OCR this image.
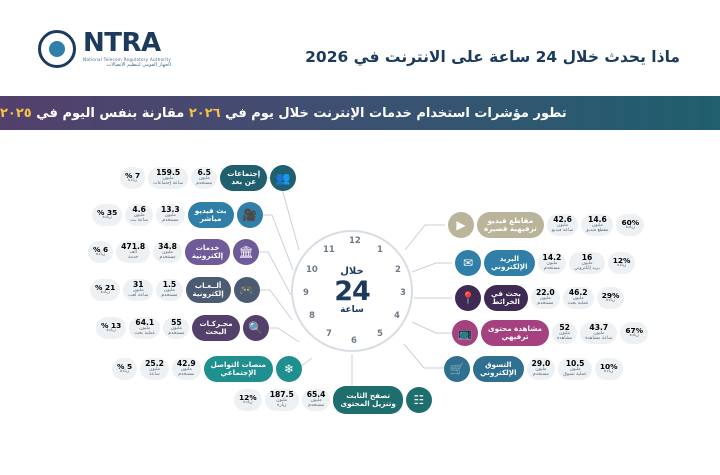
NTRA
National Telecom Regulatory Authority
الجهاز القومي لتنظيم الاتصالات	ماذا يحدث خلال 24 ساعة على الانترنت في 2026
تطور مؤشرات استخدام خدمات الإنترنت خلال يوم في ٢٠٢٦ مقارنة بنفس اليوم في ٢٠٢٥
12
1
2
3
4
5
6
7
8
9
10
11
خلال
24
ساعة
7 %
زيادة
159.5
مليون
ساعة إجتماعات
6.5
مليون
مستخدم
إجتماعات
عن بعد	👥
35 %
زيادة
4.6
مليون
ساعة بث
13.3
مليون
مستخدم
بث فيديو
مباشر	🎥
6 %
زيادة
471.8
ألف
خدمة
34.8
مليون
مستخدم
خدمات
إلكترونية	🏛
21 %
زيادة
31
مليون
ساعة لعب
1.5
مليون
مستخدم
ألــعـاب
إلكترونية	🎮
13 %
زيادة
64.1
مليون
عملية بحث
55
مليون
مستخدم
محـركـات
البحث	🔍
5 %
زيادة
25.2
مليون
ساعة
42.9
مليون
مستخدم
منصات التواصل
الإجتماعي	❄
▶	مقاطع فيديو
ترفيهية قصيرة
42.6
مليون
ساعة فيديو
14.6
مليون
مقطع فيديو
60%
زيادة
✉	البريد
الإلكتروني
14.2
مليون
مستخدم
16
مليون
بريد إلكتروني
12%
زيادة
📍	بحث في
الخرائط
22.0
مليون
مستخدم
46.2
مليون
عملية بحث
29%
زيادة
📺	مشاهدة محتوى
ترفيهي
52
مليون
مشاهدة
43.7
مليون
ساعة مشاهدة
67%
زيادة
🛒	التسوق
الإلكتروني
29.0
مليون
مستخدم
10.5
مليون
عملية تسوق
10%
زيادة
12%
زيادة
187.5
مليون
زيارة
65.4
مليون
مستخدم
تصفح الثابت
وتنزيل المحتوى	☷
